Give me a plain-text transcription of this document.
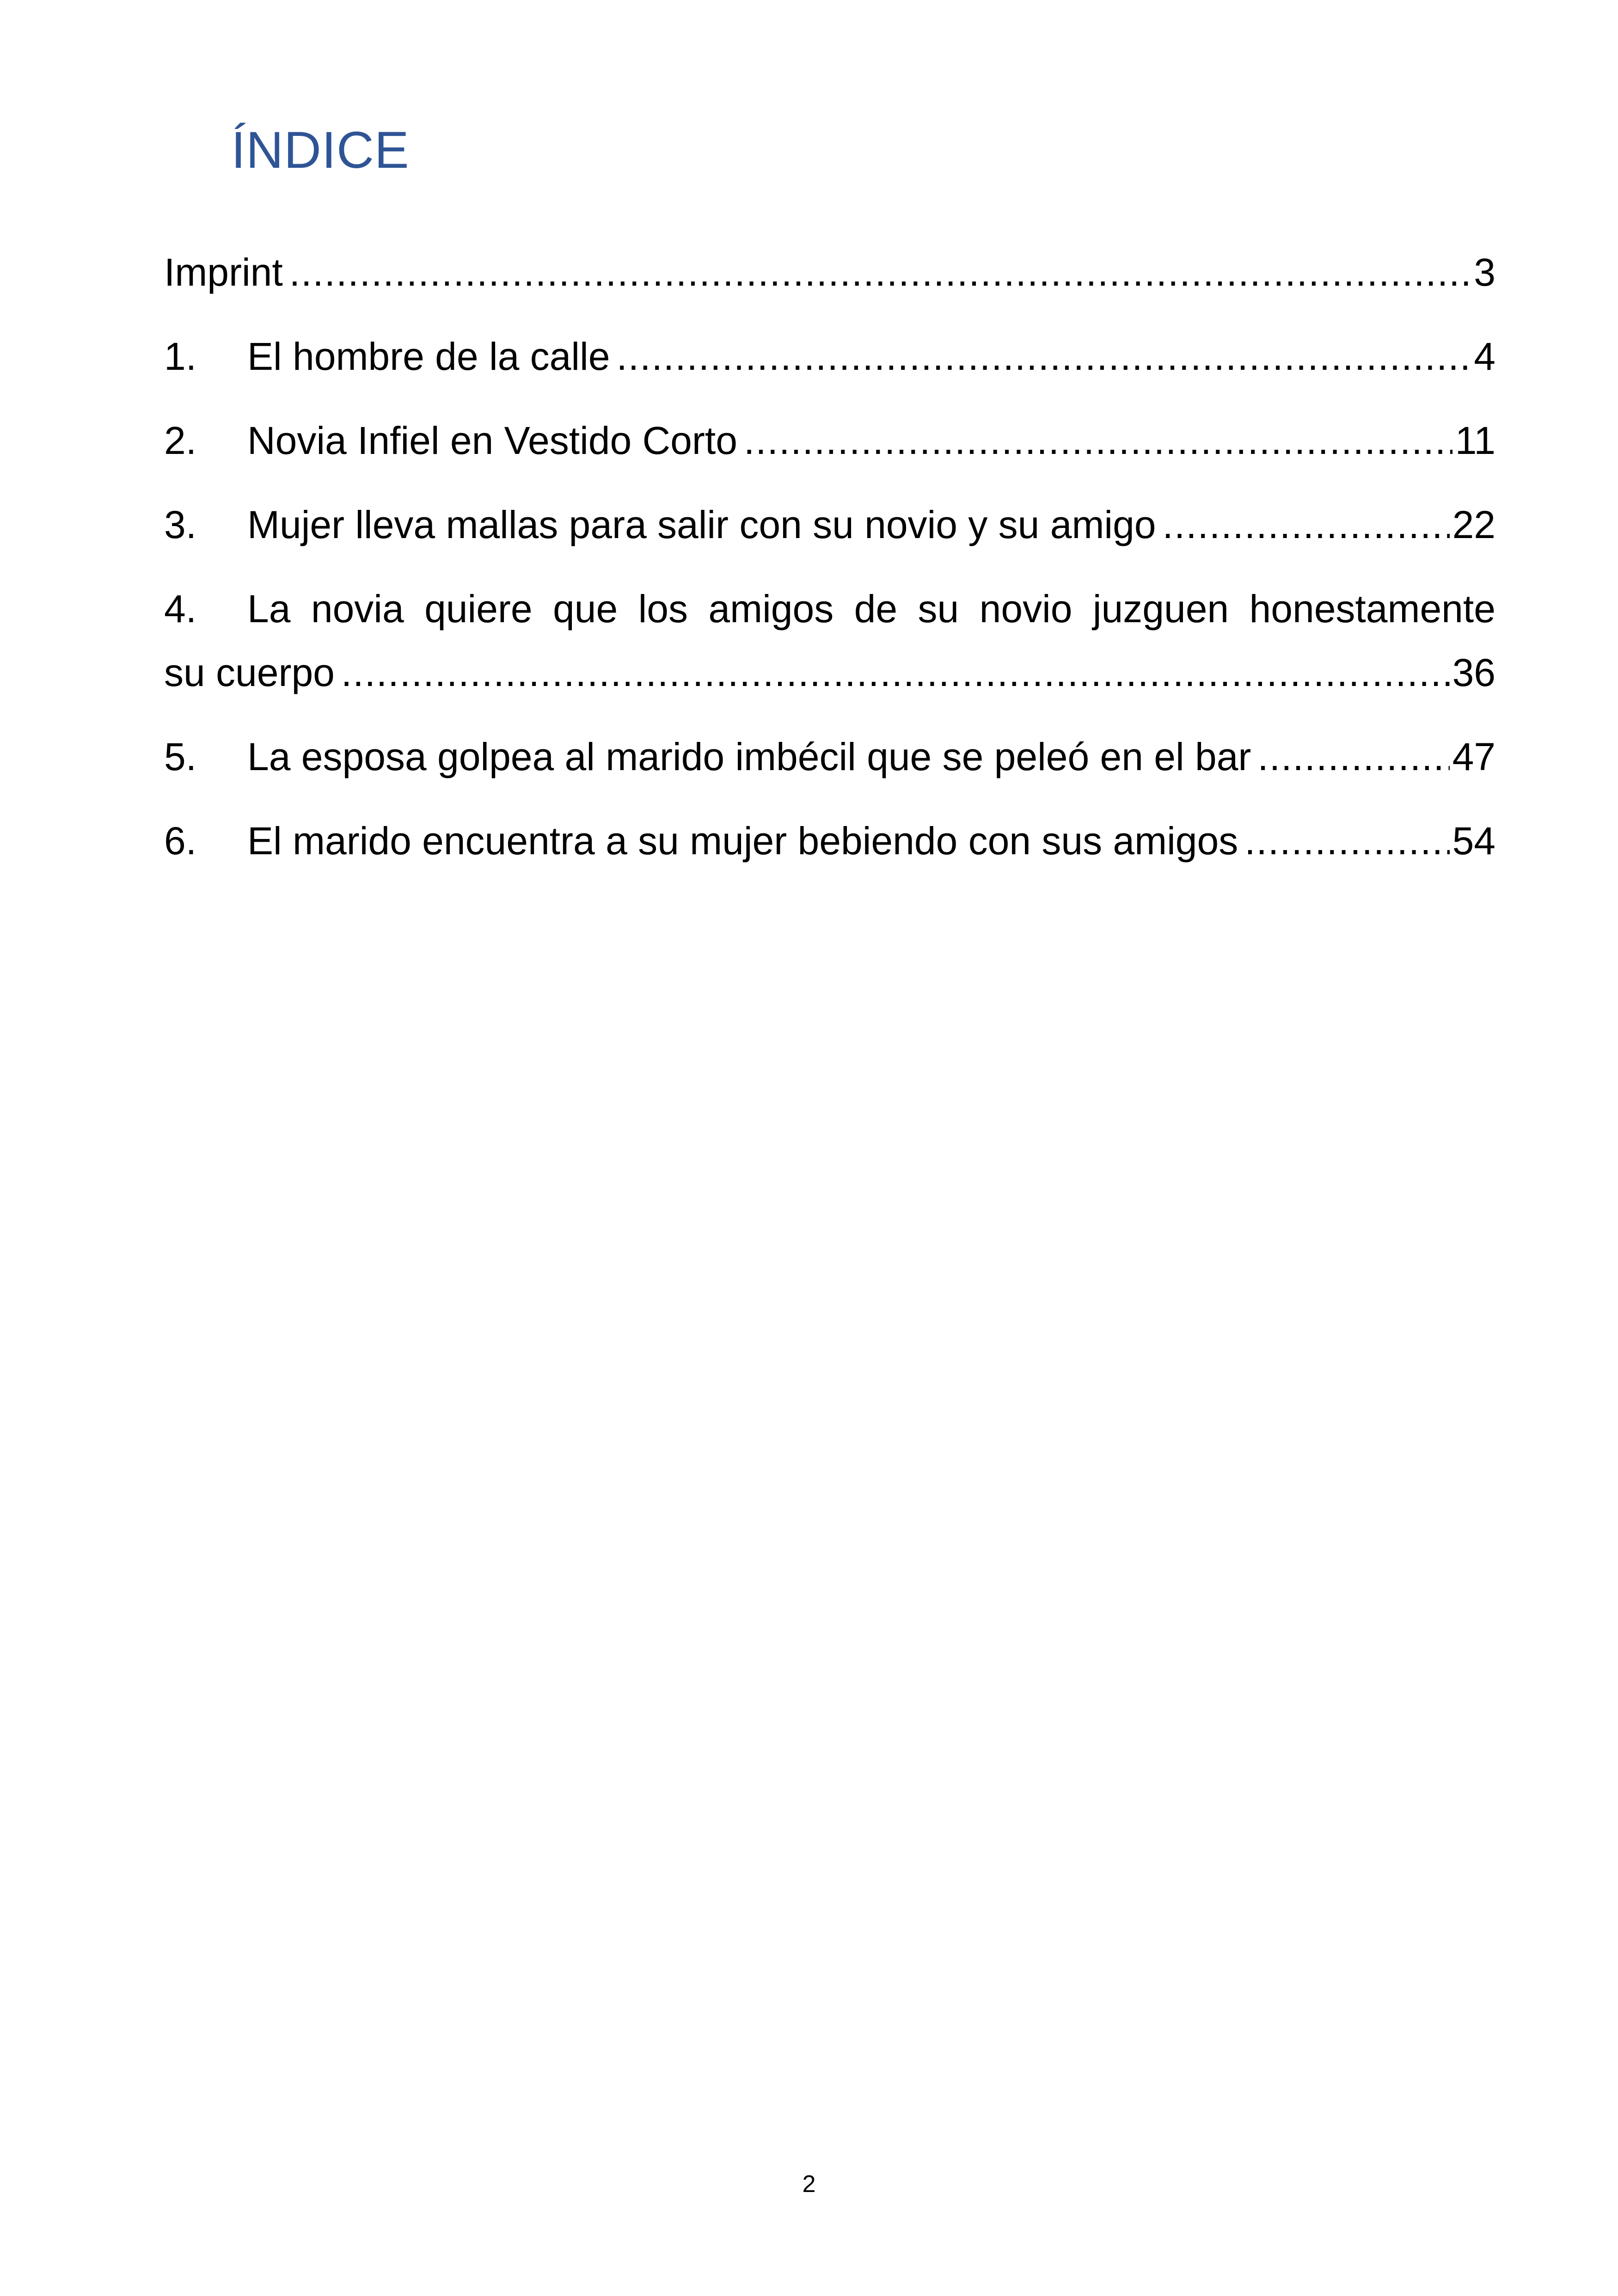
ÍNDICE
Imprint .....	3
1.	El hombre de la calle .....	4
2.	Novia Infiel en Vestido Corto .....	11
3.	Mujer lleva mallas para salir con su novio y su amigo .....	22
4.	La novia quiere que los amigos de su novio juzguen honestamente
su cuerpo .....	36
5.	La esposa golpea al marido imbécil que se peleó en el bar .....	47
6.	El marido encuentra a su mujer bebiendo con sus amigos .....	54

2
